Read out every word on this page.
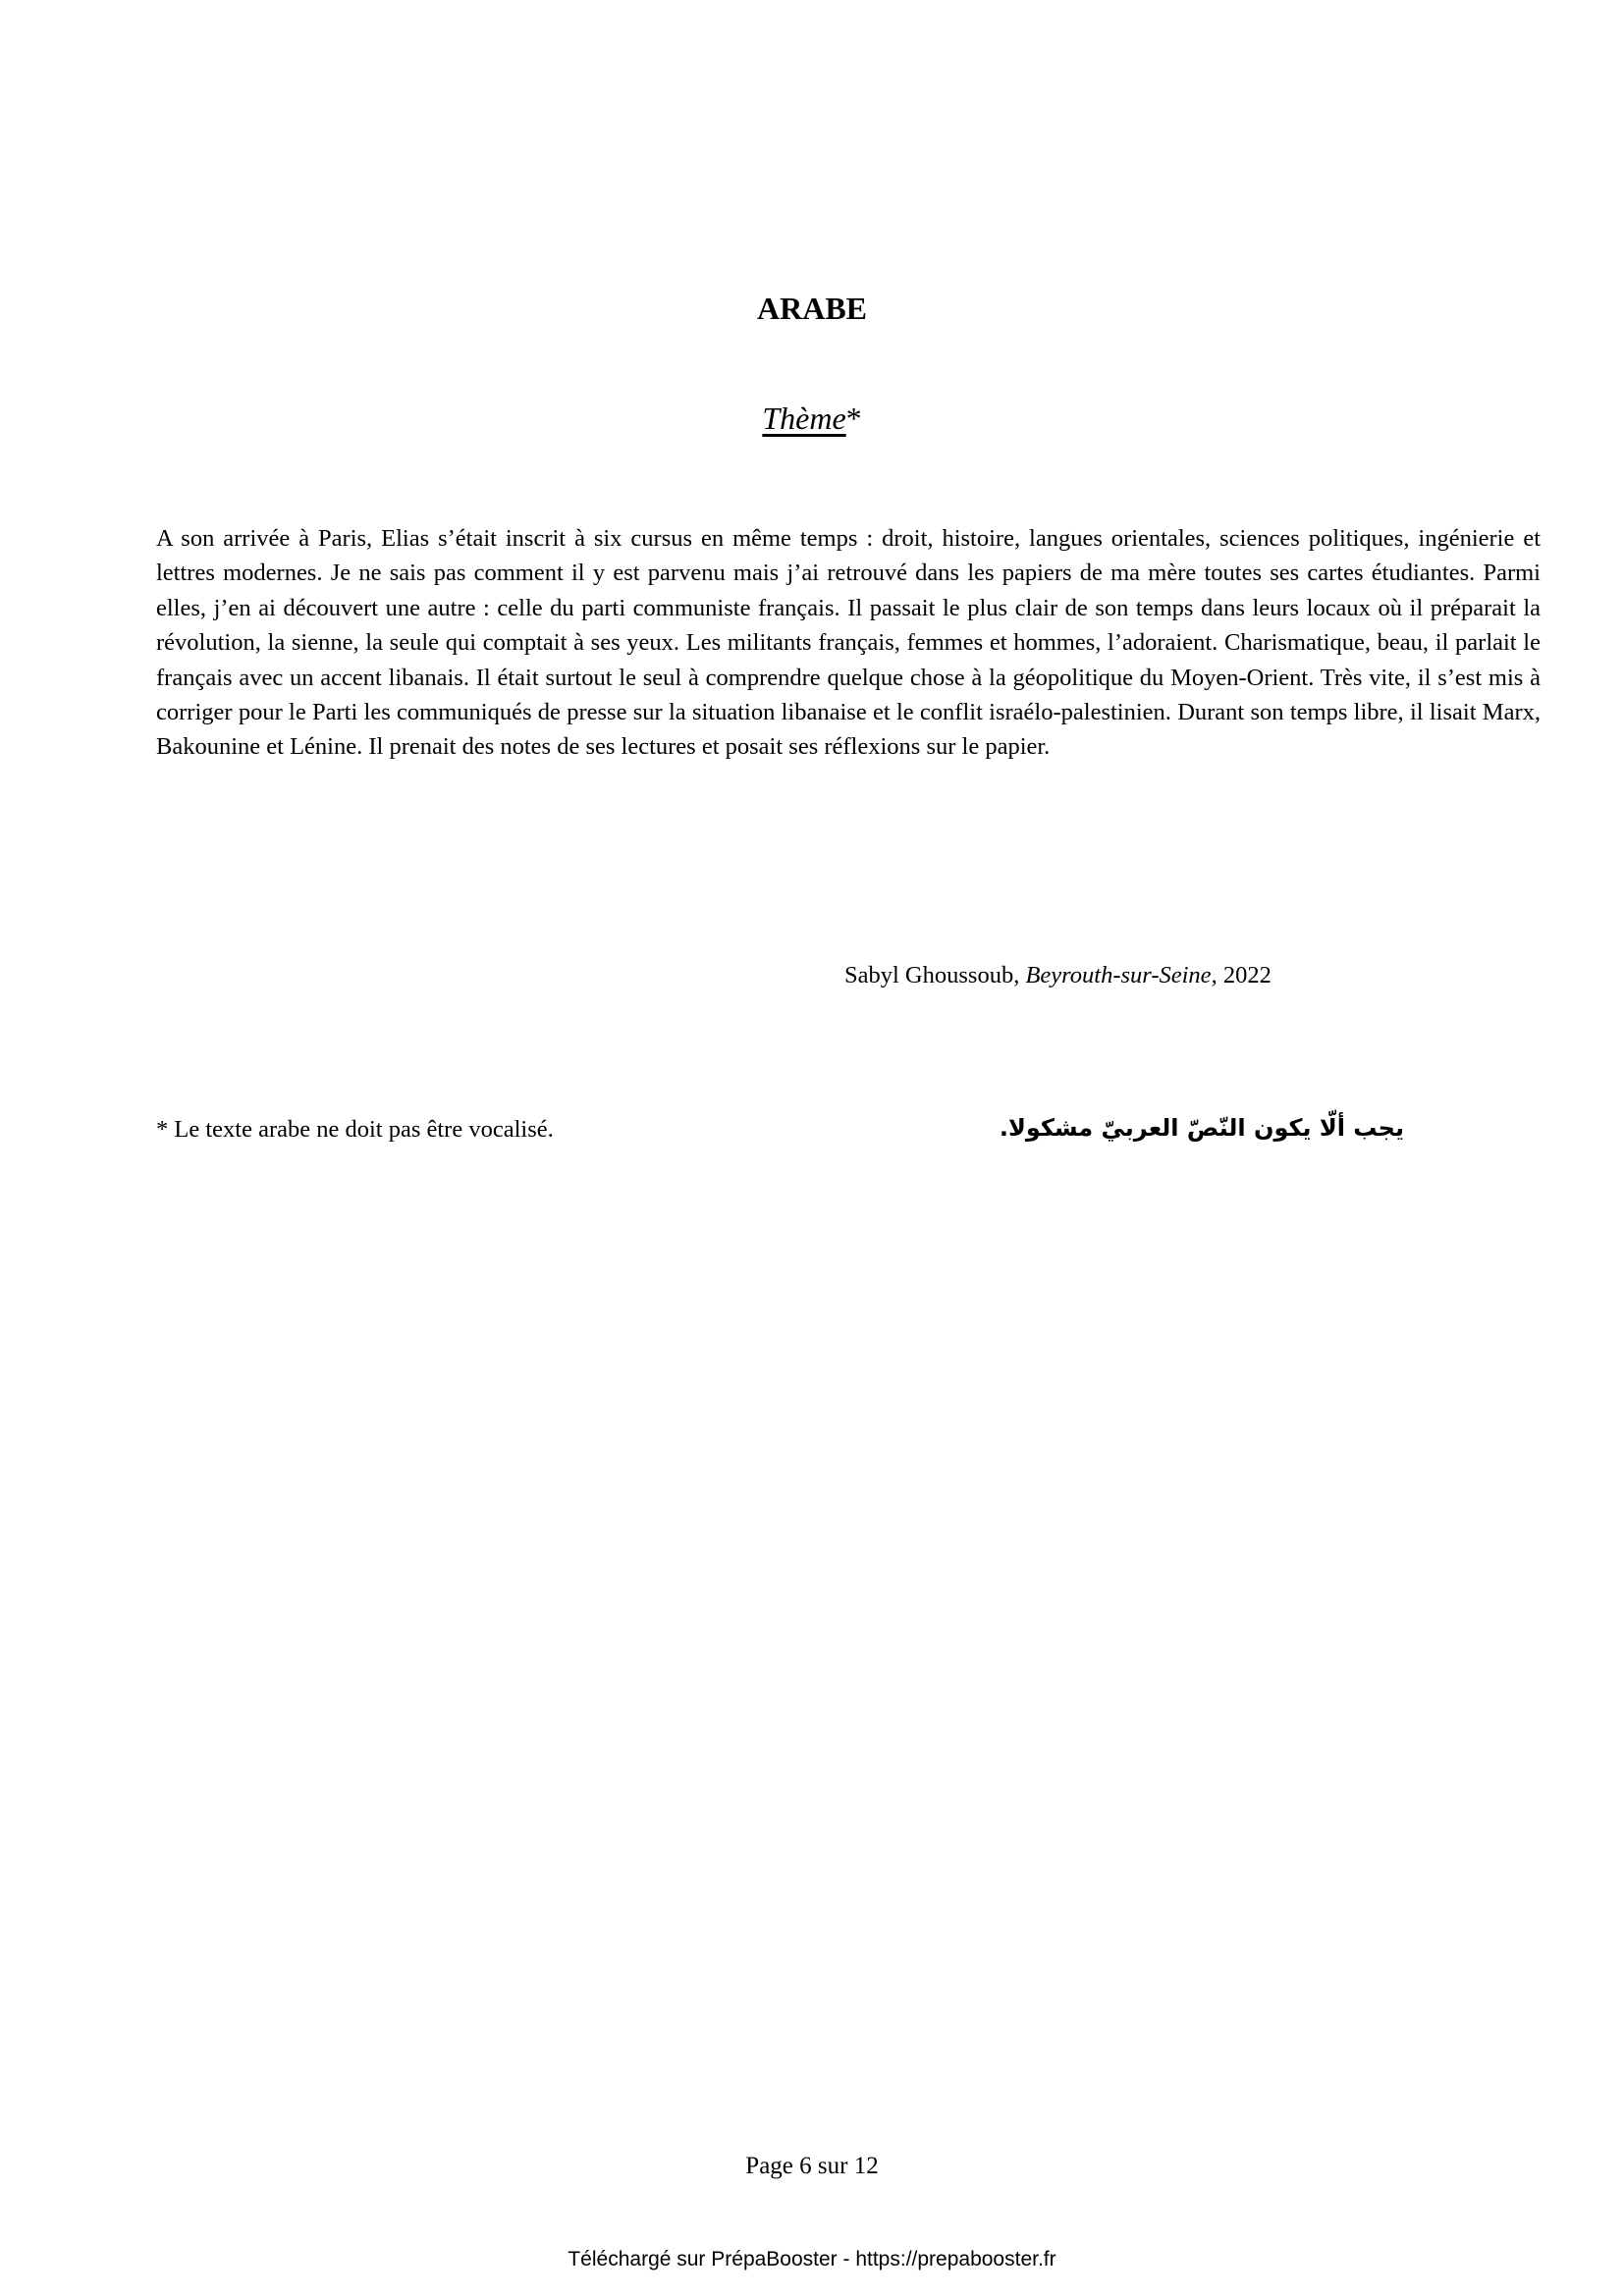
ARABE
Thème*

A son arrivée à Paris, Elias s’était inscrit à six cursus en même temps : droit, histoire, langues orientales, sciences politiques, ingénierie et lettres modernes. Je ne sais pas comment il y est parvenu mais j’ai retrouvé dans les papiers de ma mère toutes ses cartes étudiantes. Parmi elles, j’en ai découvert une autre : celle du parti communiste français. Il passait le plus clair de son temps dans leurs locaux où il préparait la révolution, la sienne, la seule qui comptait à ses yeux. Les militants français, femmes et hommes, l’adoraient. Charismatique, beau, il parlait le français avec un accent libanais. Il était surtout le seul à comprendre quelque chose à la géopolitique du Moyen-Orient. Très vite, il s’est mis à corriger pour le Parti les communiqués de presse sur la situation libanaise et le conflit israélo-palestinien. Durant son temps libre, il lisait Marx, Bakounine et Lénine. Il prenait des notes de ses lectures et posait ses réflexions sur le papier.

Sabyl Ghoussoub, Beyrouth-sur-Seine, 2022
* Le texte arabe ne doit pas être vocalisé.	يجب ألّا يكون النّصّ العربيّ مشكولا.
Page 6 sur 12
Téléchargé sur PrépaBooster - https://prepabooster.fr
